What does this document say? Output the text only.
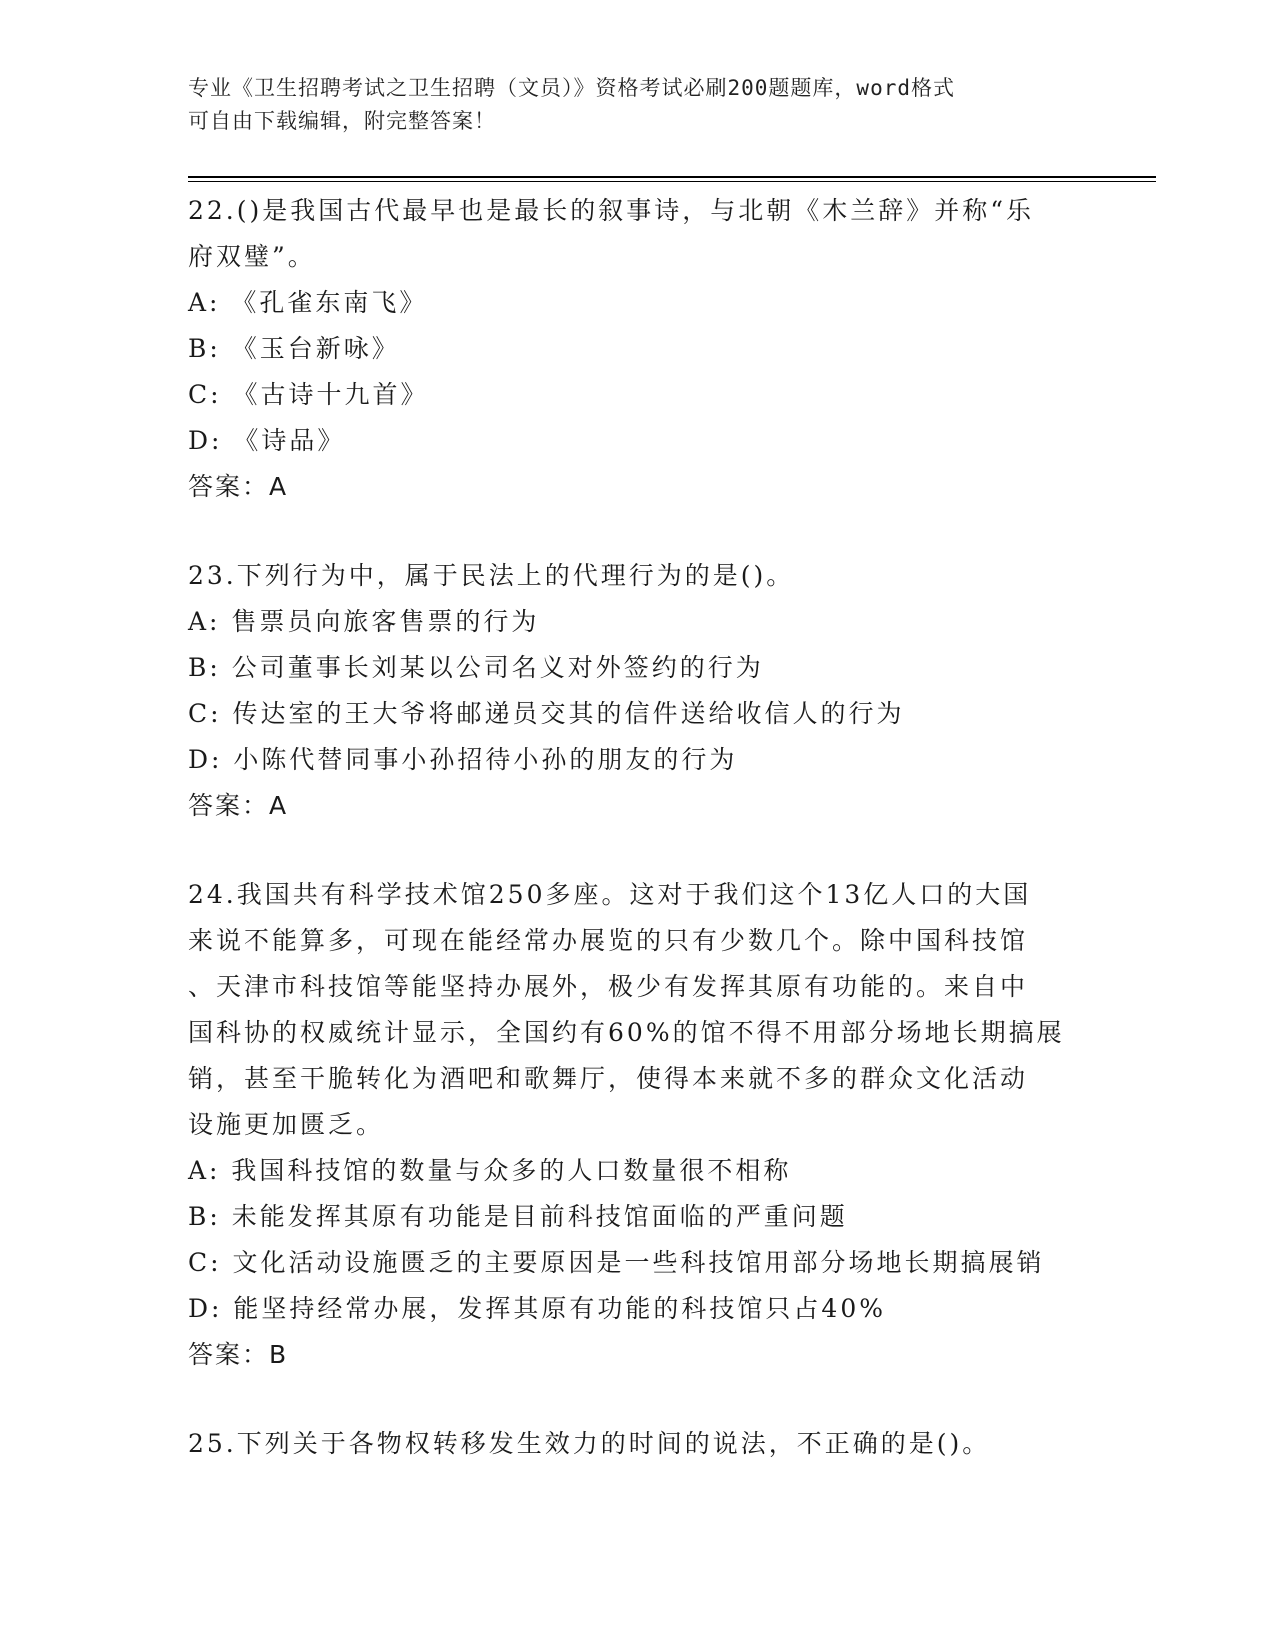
专业《卫生招聘考试之卫生招聘（文员）》资格考试必刷200题题库，word格式
可自由下载编辑，附完整答案！
22.()是我国古代最早也是最长的叙事诗，与北朝《木兰辞》并称“乐
府双璧”。
A: 《孔雀东南飞》
B: 《玉台新咏》
C: 《古诗十九首》
D: 《诗品》
答案：A
23.下列行为中，属于民法上的代理行为的是()。
A: 售票员向旅客售票的行为
B: 公司董事长刘某以公司名义对外签约的行为
C: 传达室的王大爷将邮递员交其的信件送给收信人的行为
D: 小陈代替同事小孙招待小孙的朋友的行为
答案：A
24.我国共有科学技术馆250多座。这对于我们这个13亿人口的大国
来说不能算多，可现在能经常办展览的只有少数几个。除中国科技馆
、天津市科技馆等能坚持办展外，极少有发挥其原有功能的。来自中
国科协的权威统计显示，全国约有60%的馆不得不用部分场地长期搞展
销，甚至干脆转化为酒吧和歌舞厅，使得本来就不多的群众文化活动
设施更加匮乏。
A: 我国科技馆的数量与众多的人口数量很不相称
B: 未能发挥其原有功能是目前科技馆面临的严重问题
C: 文化活动设施匮乏的主要原因是一些科技馆用部分场地长期搞展销
D: 能坚持经常办展，发挥其原有功能的科技馆只占40%
答案：B
25.下列关于各物权转移发生效力的时间的说法，不正确的是()。
